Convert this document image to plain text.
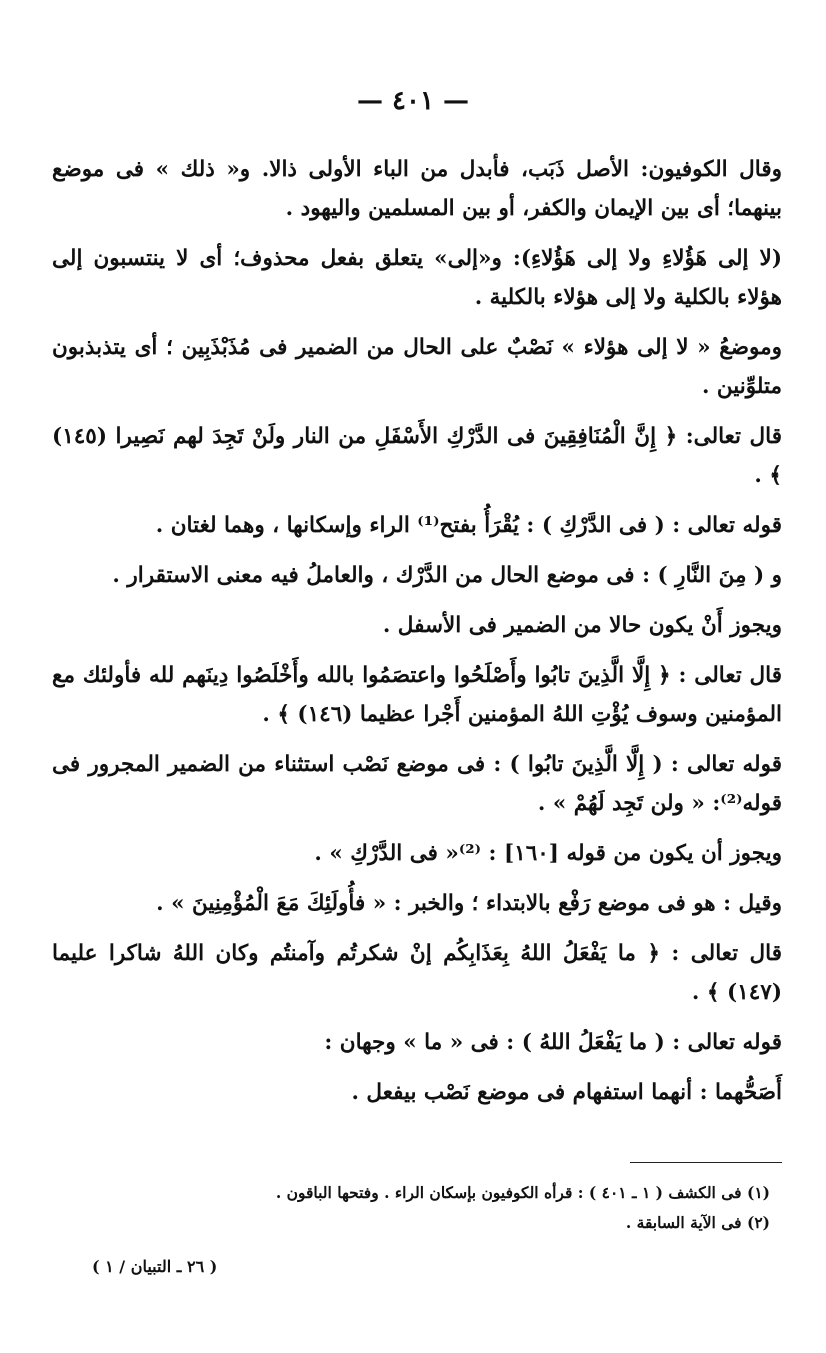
— ٤٠١ —

وقال الكوفيون: الأصل ذَبَب، فأبدل من الباء الأولى ذالا. و« ذلك » فى موضع بينهما؛ أى بين الإيمان والكفر، أو بين المسلمين واليهود .

(لا إلى هَؤُلاءِ ولا إلى هَؤُلاءِ): و«إلى» يتعلق بفعل محذوف؛ أى لا ينتسبون إلى هؤلاء بالكلية ولا إلى هؤلاء بالكلية .

وموضعُ « لا إلى هؤلاء » نَصْبٌ على الحال من الضمير فى مُذَبْذَبِين ؛ أى يتذبذبون متلوِّنين .

قال تعالى: ﴿ إِنَّ الْمُنَافِقِينَ فى الدَّرْكِ الأَسْفَلِ من النار ولَنْ تَجِدَ لهم نَصِيرا (١٤٥) ﴾ .

قوله تعالى : ( فى الدَّرْكِ ) : يُقْرَأُ بفتح⁽¹⁾ الراء وإسكانها ، وهما لغتان .

و ( مِنَ النَّارِ ) : فى موضع الحال من الدَّرْك ، والعاملُ فيه معنى الاستقرار .

ويجوز أَنْ يكون حالا من الضمير فى الأسفل .

قال تعالى : ﴿ إِلَّا الَّذِينَ تابُوا وأَصْلَحُوا واعتصَمُوا بالله وأَخْلَصُوا دِينَهم لله فأولئك مع المؤمنين وسوف يُؤْتِ اللهُ المؤمنين أَجْرا عظيما (١٤٦) ﴾ .

قوله تعالى : ( إِلَّا الَّذِينَ تابُوا ) : فى موضع نَصْب استثناء من الضمير المجرور فى قوله⁽²⁾: « ولن تَجِد لَهُمْ » .

ويجوز أن يكون من قوله [١٦٠] : ⁽²⁾« فى الدَّرْكِ » .

وقيل : هو فى موضع رَفْع بالابتداء ؛ والخبر : « فأُولَئِكَ مَعَ الْمُؤْمِنِينَ » .

قال تعالى : ﴿ ما يَفْعَلُ اللهُ بِعَذَابِكُم إنْ شكرتُم وآمنتُم وكان اللهُ شاكرا عليما (١٤٧) ﴾ .

قوله تعالى : ( ما يَفْعَلُ اللهُ ) : فى « ما » وجهان :

أَصَحُّهما : أنهما استفهام فى موضع نَصْب بيفعل .

(١) فى الكشف ( ١ ـ ٤٠١ ) : قرأه الكوفيون بإسكان الراء . وفتحها الباقون .
(٢) فى الآية السابقة .
( ٢٦ ـ التبيان / ١ )
